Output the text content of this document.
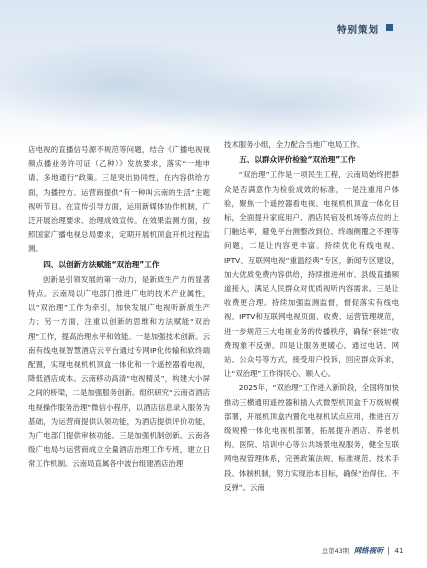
特别策划

店电视的直播信号源不规范等问题，结合《广播电视视频点播业务许可证（乙种）》发放要求，落实“一地申请、多地通行”政策。三是突出协同性，在内容供给方面，为播控方、运营商提供“有一种叫云南的生活”主题视听节目。在宣传引导方面，运用新媒体协作机制，广泛开展治理要求、治理成效宣传。在效果监测方面，按照国家广播电视总局要求，定期开展机顶盒开机过程监测。

四、以创新方法赋能“双治理”工作

创新是引领发展的第一动力，是新质生产力的显著特点。云南局以广电部门推进广电的技术产业属性，以“双治理”工作为牵引，加快发展广电视听新质生产力；另一方面，注重以创新的思维和方法赋能“双治理”工作，提高治理水平和效能。一是加强技术创新。云南有线电视智慧酒店云平台通过专网IP化传输和软终端配置，实现电视机机顶盒一体化和一个遥控器看电视，降低酒店成本。云南移动高清“电视精灵”，构建大小屏之间的桥梁，二是加强服务创新。组织研究“云南省酒店电视操作服务治理”微信小程序，以酒店信息录入服务为基础，为运营商提供认领功能，为酒店提供评价功能，为广电部门提供审核功能。三是加强机制创新。云南各级广电局与运营商成立全量酒店治理工作专班，建立日常工作机制。云南局直属各中波台组建酒店治理

技术服务小组，全力配合当地广电局工作。

五、以群众评价检验“双治理”工作

“双治理”工作是一项民生工程，云南局始终把群众是否满意作为检验成效的标准，一是注重用户体验，聚焦一个遥控器看电视、电视机机顶盒一体化目标，全面提升家庭用户、酒店民宿及机场等点位的上门触达率，避免平台测整改到位、终端侧覆之不理等问题，二是让内容更丰富。持续优化有线电视、IPTV、互联网电视“重温经典”专区，新闻专区建设，加大优质免费内容供给，持续推进州市、县级直播频道接入，满足人民群众对优质视听内容需求。三是让收费更合理。持续加强监测监督，督促落实有线电视、IPTV和互联网电视页面、收费、运营管理规范，进一步规范三大电视业务的传播秩序，确保“套娃”收费现象不反弹。四是让服务更暖心。通过电话、网站、公众号等方式，接受用户投诉，回应群众诉求，让“双治理”工作得民心、顺人心。

2025年，“双治理”工作进入新阶段，全国将加快推动三横通用遥控器和插入式微型机顶盒千万级规模部署，开展机顶盒内置化电视机试点应用，推进百万级规模一体化电视机部署，拓展提升酒店、养老机构、医院、培训中心等公共场景电视服务，健全互联网电视管理体系，完善政策法规、标准规范、技术手段、体制机制，努力实现治本目标，确保“治得住、不反弹”。云南

总第43期 网络视听 41
